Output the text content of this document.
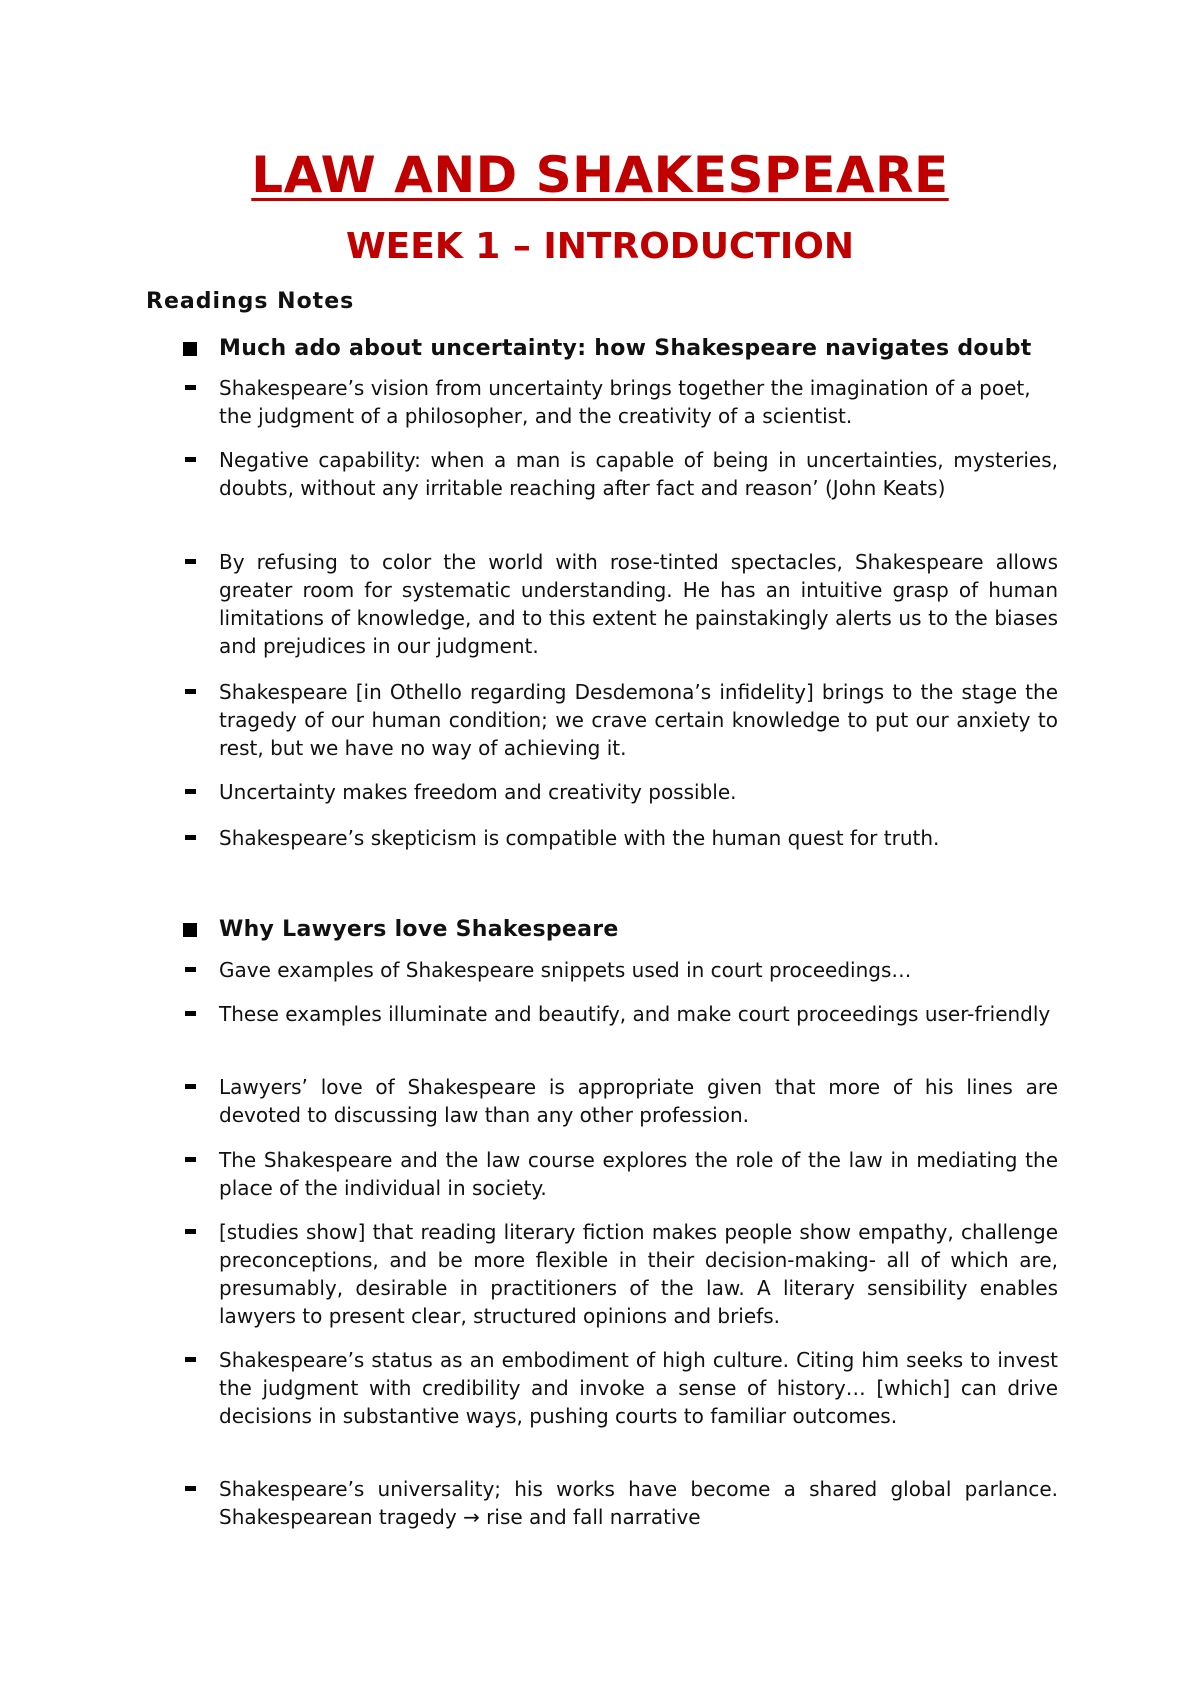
LAW AND SHAKESPEARE
WEEK 1 – INTRODUCTION
Readings Notes
Much ado about uncertainty: how Shakespeare navigates doubt
Shakespeare’s vision from uncertainty brings together the imagination of a poet, the judgment of a philosopher, and the creativity of a scientist.
Negative capability: when a man is capable of being in uncertainties, mysteries, doubts, without any irritable reaching after fact and reason’ (John Keats)
By refusing to color the world with rose-tinted spectacles, Shakespeare allows greater room for systematic understanding. He has an intuitive grasp of human limitations of knowledge, and to this extent he painstakingly alerts us to the biases and prejudices in our judgment.
Shakespeare [in Othello regarding Desdemona’s infidelity] brings to the stage the tragedy of our human condition; we crave certain knowledge to put our anxiety to rest, but we have no way of achieving it.
Uncertainty makes freedom and creativity possible.
Shakespeare’s skepticism is compatible with the human quest for truth.
Why Lawyers love Shakespeare
Gave examples of Shakespeare snippets used in court proceedings…
These examples illuminate and beautify, and make court proceedings user-friendly
Lawyers’ love of Shakespeare is appropriate given that more of his lines are devoted to discussing law than any other profession.
The Shakespeare and the law course explores the role of the law in mediating the place of the individual in society.
[studies show] that reading literary fiction makes people show empathy, challenge preconceptions, and be more flexible in their decision-making- all of which are, presumably, desirable in practitioners of the law. A literary sensibility enables lawyers to present clear, structured opinions and briefs.
Shakespeare’s status as an embodiment of high culture. Citing him seeks to invest the judgment with credibility and invoke a sense of history… [which] can drive decisions in substantive ways, pushing courts to familiar outcomes.
Shakespeare’s universality; his works have become a shared global parlance. Shakespearean tragedy → rise and fall narrative
